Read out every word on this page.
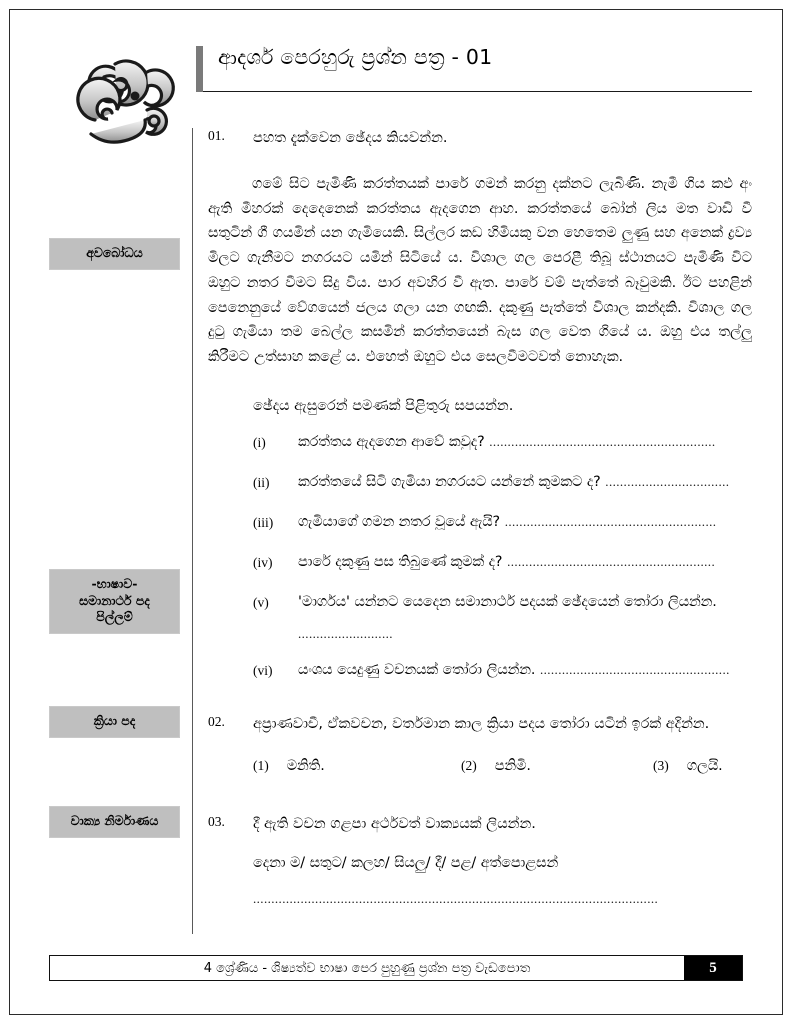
ආදර්ශ පෙරහුරු ප්‍රශ්න පත්‍ර - 01
අවබෝධය
-භාෂාව-
සමානාර්ථ පද
පිල්ලම්
ක්‍රියා පද
වාක්‍ය නිර්මාණය
01.	පහත දැක්වෙන ඡේදය කියවන්න.
ගමේ සිට පැමිණි කරත්තයක් පාරේ ගමන් කරනු දක්නට ලැබිණි. නැමී ගිය කඵ අං ඇති මීහරක් දෙදෙනෙක් කරත්තය ඇදගෙන ආහ. කරත්තයේ බෝන් ලිය මත වාඩි වී සතුටින් ගී ගයමින් යන ගැමියෙකි. සිල්ලර කඩ හිමියකු වන හෙතෙම ලුණු සහ අනෙක් ද්‍රව්‍ය මිලට ගැනීමට නගරයට යමින් සිටියේ ය. විශාල ගල පෙරළී තිබූ ස්ථානයට පැමිණි විට ඔහුට නතර වීමට සිදු විය. පාර අවහිර වී ඇත. පාරේ වම් පැත්තේ බෑවුමකි. ඊට පහළින් පෙනෙනුයේ වේගයෙන් ජලය ගලා යන ගඟකි. දකුණු පැත්තේ විශාල කන්දකි. විශාල ගල දුටු ගැමියා තම බෙල්ල කසමින් කරත්තයෙන් බැස ගල වෙත ගියේ ය. ඔහු එය තල්ලු කිරීමට උත්සාහ කළේ ය. එහෙත් ඔහුට එය සෙලවීමටවත් නොහැක.
ඡේදය ඇසුරෙන් පමණක් පිළිතුරු සපයන්න.
(i)	කරත්තය ඇදගෙන ආවේ කවුද? ..............................................................
(ii)	කරත්තයේ සිටි ගැමියා නගරයට යන්නේ කුමකට ද? ..................................
(iii)	ගැමියාගේ ගමන නතර වූයේ ඇයි? ..........................................................
(iv)	පාරේ දකුණු පස තිබුණේ කුමක් ද? .........................................................
(v)	'මාර්ගය' යන්නට යෙදෙන සමානාර්ථ පදයක් ඡේදයෙන් තෝරා ලියන්න.
..........................
(vi)	යංශය යෙදුණු වචනයක් තෝරා ලියන්න. ....................................................
02.	අප්‍රාණවාචී, ඒකවචන, වර්තමාන කාල ක්‍රියා පදය තෝරා යටින් ඉරක් අදින්න.
(1) මනිති.	(2) පනිමි.	(3) ගලයි.
03.	දී ඇති වචන ගළපා අර්ථවත් වාක්‍යයක් ලියන්න.
දෙනා ම/ සතුට/ කලහ/ සියලු/ දී/ පළ/ අත්පොළසන්
...............................................................................................................
4 ශ්‍රේණිය - ශිෂ්‍යත්ව භාෂා පෙර පුහුණු ප්‍රශ්න පත්‍ර වැඩපොත	5
